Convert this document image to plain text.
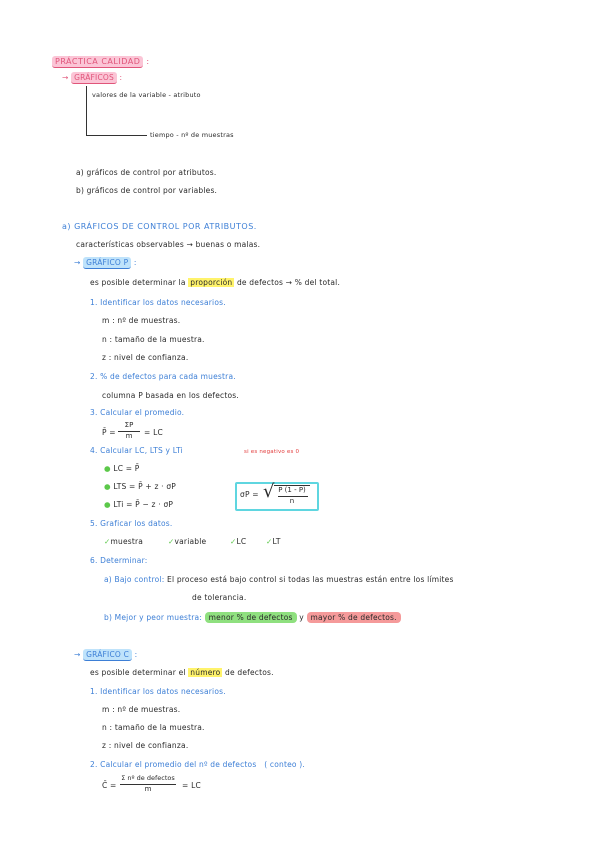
PRÁCTICA CALIDAD :
→ GRÁFICOS :
valores de la variable - atributo
tiempo - nº de muestras
a) gráficos de control por atributos.
b) gráficos de control por variables.
a) GRÁFICOS DE CONTROL POR ATRIBUTOS.
características observables → buenas o malas.
→ GRÁFICO P :
es posible determinar la proporción de defectos → % del total.
1. Identificar los datos necesarios.
m : nº de muestras.
n : tamaño de la muestra.
z : nivel de confianza.
2. % de defectos para cada muestra.
columna P basada en los defectos.
3. Calcular el promedio.
P̄ =
ΣP
m	= LC
4. Calcular LC, LTS y LTi	si es negativo es 0
● LC = P̄
● LTS = P̄ + z · σP
● LTi = P̄ − z · σP
σP = √ P̄ (1 - P̄)
n
5. Graficar los datos.
✓muestra	✓variable	✓LC	✓LT
6. Determinar:
a) Bajo control: El proceso está bajo control si todas las muestras están entre los límites
de tolerancia.
b) Mejor y peor muestra: menor % de defectos y mayor % de defectos.
→ GRÁFICO C :
es posible determinar el número de defectos.
1. Identificar los datos necesarios.
m : nº de muestras.
n : tamaño de la muestra.
z : nivel de confianza.
2. Calcular el promedio del nº de defectos ( conteo ).
C̄ =
Σ nº de defectos
m	= LC
